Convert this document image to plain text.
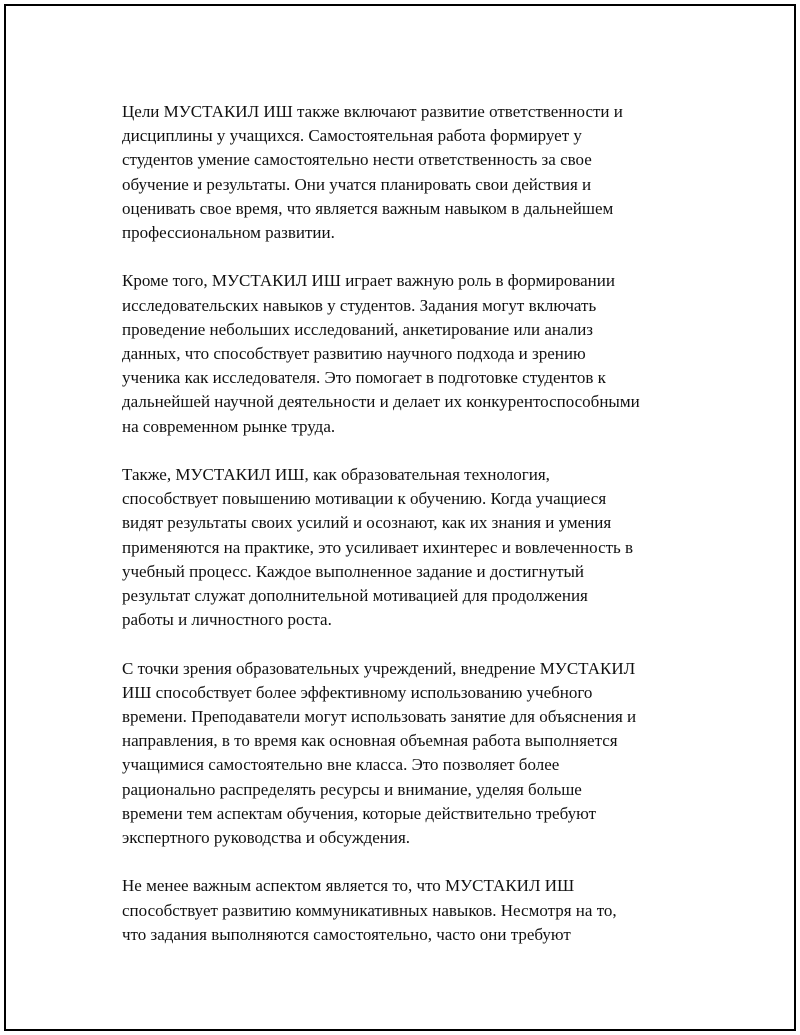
Цели МУСТАКИЛ ИШ также включают развитие ответственности и
дисциплины у учащихся. Самостоятельная работа формирует у
студентов умение самостоятельно нести ответственность за свое
обучение и результаты. Они учатся планировать свои действия и
оценивать свое время, что является важным навыком в дальнейшем
профессиональном развитии.

Кроме того, МУСТАКИЛ ИШ играет важную роль в формировании
исследовательских навыков у студентов. Задания могут включать
проведение небольших исследований, анкетирование или анализ
данных, что способствует развитию научного подхода и зрению
ученика как исследователя. Это помогает в подготовке студентов к
дальнейшей научной деятельности и делает их конкурентоспособными
на современном рынке труда.

Также, МУСТАКИЛ ИШ, как образовательная технология,
способствует повышению мотивации к обучению. Когда учащиеся
видят результаты своих усилий и осознают, как их знания и умения
применяются на практике, это усиливает ихинтерес и вовлеченность в
учебный процесс. Каждое выполненное задание и достигнутый
результат служат дополнительной мотивацией для продолжения
работы и личностного роста.

С точки зрения образовательных учреждений, внедрение МУСТАКИЛ
ИШ способствует более эффективному использованию учебного
времени. Преподаватели могут использовать занятие для объяснения и
направления, в то время как основная объемная работа выполняется
учащимися самостоятельно вне класса. Это позволяет более
рационально распределять ресурсы и внимание, уделяя больше
времени тем аспектам обучения, которые действительно требуют
экспертного руководства и обсуждения.

Не менее важным аспектом является то, что МУСТАКИЛ ИШ
способствует развитию коммуникативных навыков. Несмотря на то,
что задания выполняются самостоятельно, часто они требуют
